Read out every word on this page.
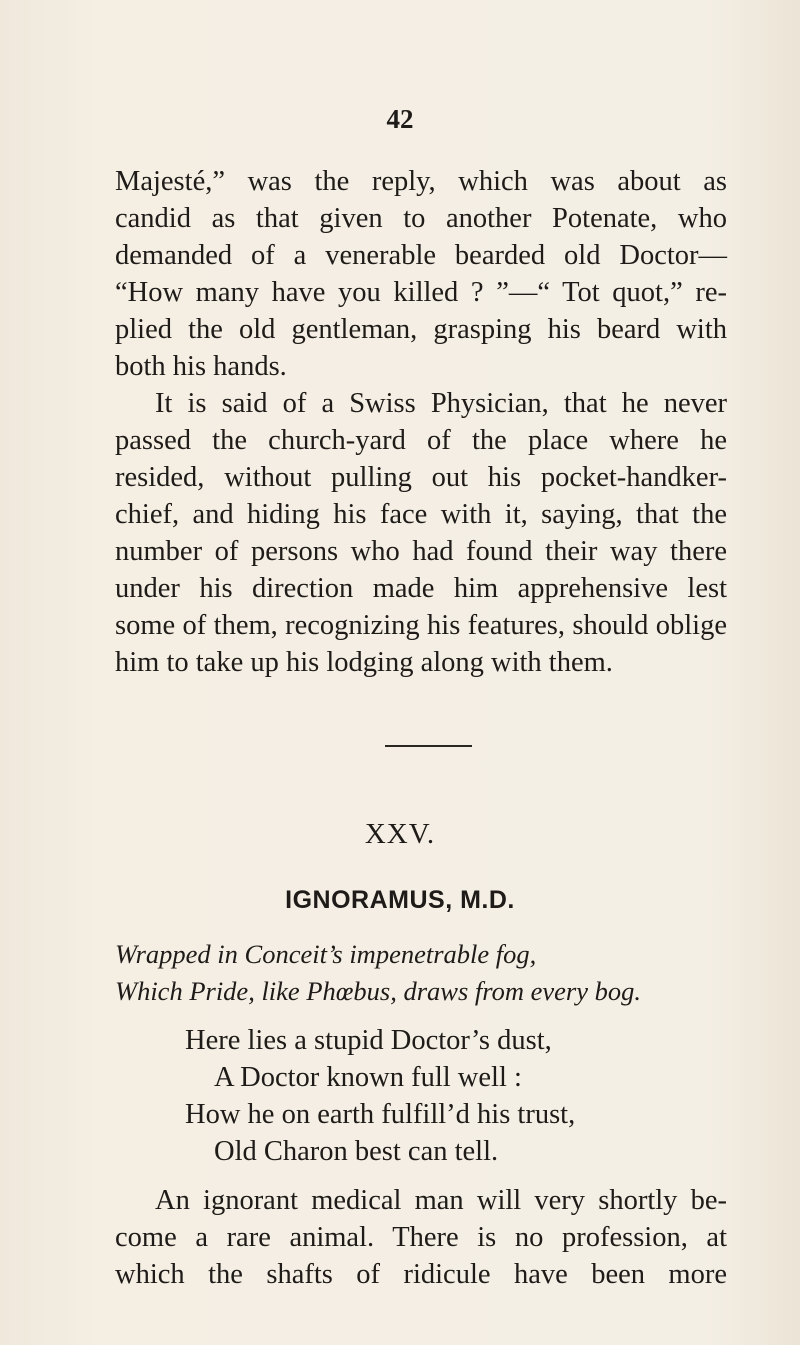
42
Majesté,” was the reply, which was about as
candid as that given to another Potenate, who
demanded of a venerable bearded old Doctor—
“How many have you killed ? ”—“ Tot quot,” re-
plied the old gentleman, grasping his beard with
both his hands.
It is said of a Swiss Physician, that he never
passed the church-yard of the place where he
resided, without pulling out his pocket-handker-
chief, and hiding his face with it, saying, that the
number of persons who had found their way there
under his direction made him apprehensive lest
some of them, recognizing his features, should oblige
him to take up his lodging along with them.
XXV.
IGNORAMUS, M.D.
Wrapped in Conceit’s impenetrable fog,
Which Pride, like Phœbus, draws from every bog.
Here lies a stupid Doctor’s dust,
A Doctor known full well :
How he on earth fulfill’d his trust,
Old Charon best can tell.
An ignorant medical man will very shortly be-
come a rare animal. There is no profession, at
which the shafts of ridicule have been more
